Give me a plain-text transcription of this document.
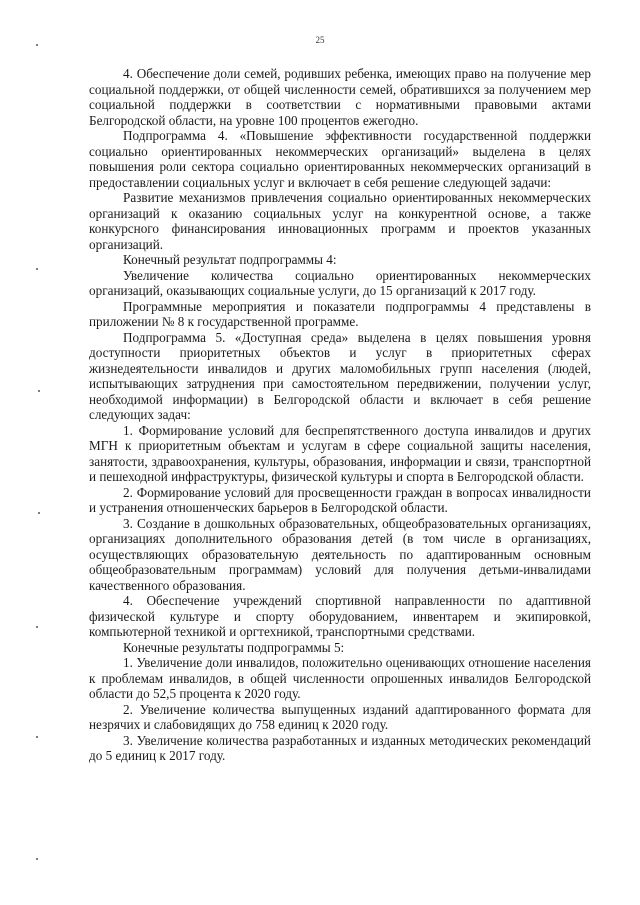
25

4. Обеспечение доли семей, родивших ребенка, имеющих право на получение мер социальной поддержки, от общей численности семей, обратившихся за получением мер социальной поддержки в соответствии с нормативными правовыми актами Белгородской области, на уровне 100 процентов ежегодно.

Подпрограмма 4. «Повышение эффективности государственной поддержки социально ориентированных некоммерческих организаций» выделена в целях повышения роли сектора социально ориентированных некоммерческих организаций в предоставлении социальных услуг и включает в себя решение следующей задачи:

Развитие механизмов привлечения социально ориентированных некоммерческих организаций к оказанию социальных услуг на конкурентной основе, а также конкурсного финансирования инновационных программ и проектов указанных организаций.

Конечный результат подпрограммы 4:

Увеличение количества социально ориентированных некоммерческих организаций, оказывающих социальные услуги, до 15 организаций к 2017 году.

Программные мероприятия и показатели подпрограммы 4 представлены в приложении № 8 к государственной программе.

Подпрограмма 5. «Доступная среда» выделена в целях повышения уровня доступности приоритетных объектов и услуг в приоритетных сферах жизнедеятельности инвалидов и других маломобильных групп населения (людей, испытывающих затруднения при самостоятельном передвижении, получении услуг, необходимой информации) в Белгородской области и включает в себя решение следующих задач:

1. Формирование условий для беспрепятственного доступа инвалидов и других МГН к приоритетным объектам и услугам в сфере социальной защиты населения, занятости, здравоохранения, культуры, образования, информации и связи, транспортной и пешеходной инфраструктуры, физической культуры и спорта в Белгородской области.

2. Формирование условий для просвещенности граждан в вопросах инвалидности и устранения отношенческих барьеров в Белгородской области.

3. Создание в дошкольных образовательных, общеобразовательных организациях, организациях дополнительного образования детей (в том числе в организациях, осуществляющих образовательную деятельность по адаптированным основным общеобразовательным программам) условий для получения детьми-инвалидами качественного образования.

4. Обеспечение учреждений спортивной направленности по адаптивной физической культуре и спорту оборудованием, инвентарем и экипировкой, компьютерной техникой и оргтехникой, транспортными средствами.

Конечные результаты подпрограммы 5:

1. Увеличение доли инвалидов, положительно оценивающих отношение населения к проблемам инвалидов, в общей численности опрошенных инвалидов Белгородской области до 52,5 процента к 2020 году.

2. Увеличение количества выпущенных изданий адаптированного формата для незрячих и слабовидящих до 758 единиц к 2020 году.

3. Увеличение количества разработанных и изданных методических рекомендаций до 5 единиц к 2017 году.
